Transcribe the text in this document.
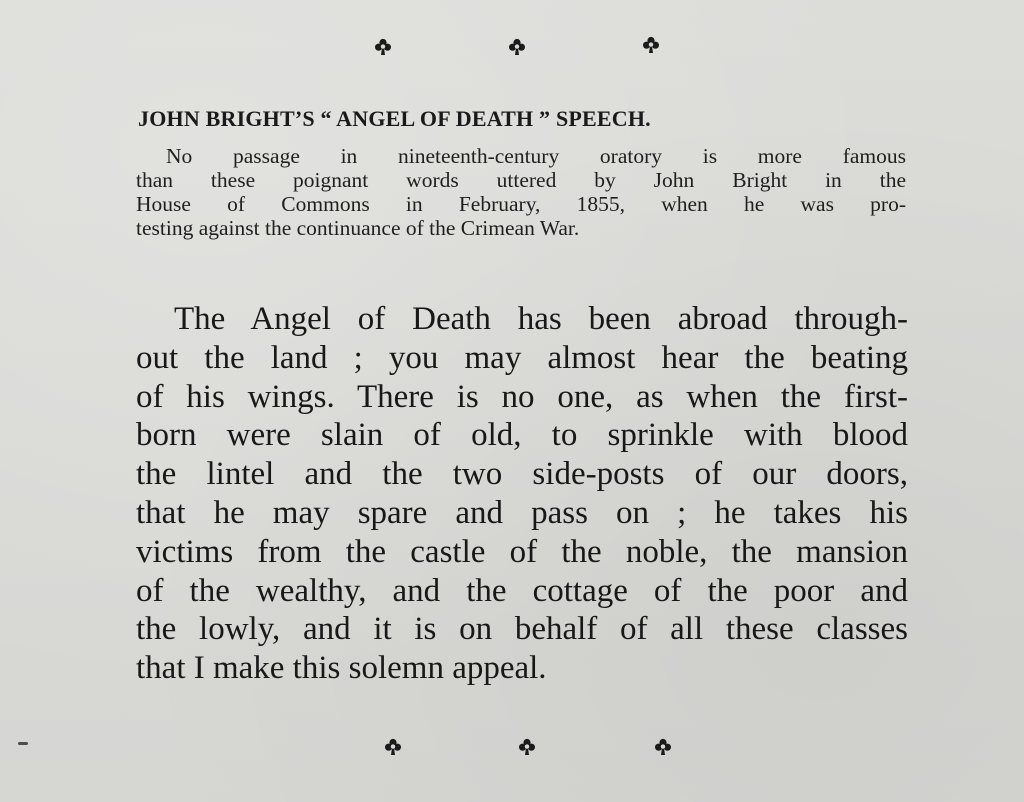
JOHN BRIGHT’S “ ANGEL OF DEATH ” SPEECH.
No passage in nineteenth-century oratory is more famous
than these poignant words uttered by John Bright in the
House of Commons in February, 1855, when he was pro-
testing against the continuance of the Crimean War.
The Angel of Death has been abroad through-
out the land ; you may almost hear the beating
of his wings. There is no one, as when the first-
born were slain of old, to sprinkle with blood
the lintel and the two side-posts of our doors,
that he may spare and pass on ; he takes his
victims from the castle of the noble, the mansion
of the wealthy, and the cottage of the poor and
the lowly, and it is on behalf of all these classes
that I make this solemn appeal.
